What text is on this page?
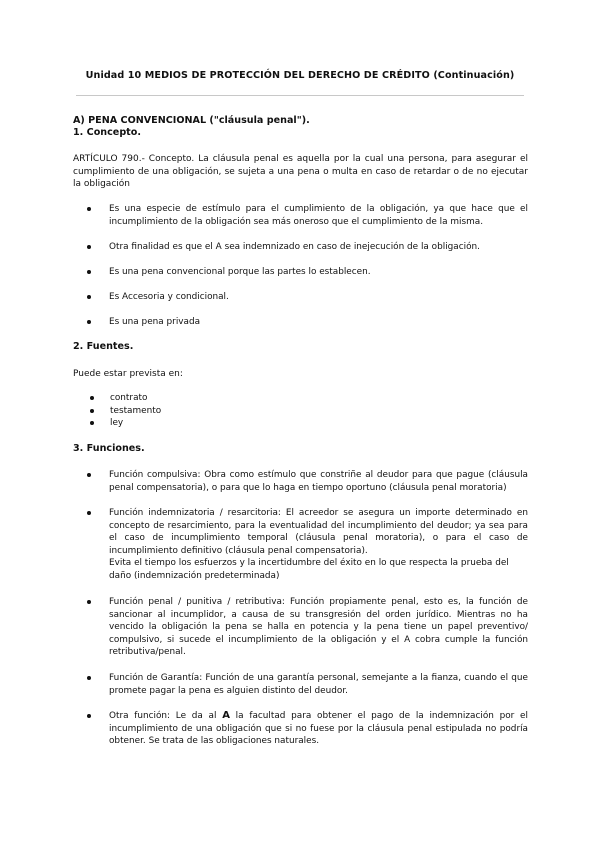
Unidad 10 MEDIOS DE PROTECCIÓN DEL DERECHO DE CRÉDITO (Continuación)
A) PENA CONVENCIONAL ("cláusula penal").
1. Concepto.
ARTÍCULO 790.- Concepto. La cláusula penal es aquella por la cual una persona, para asegurar el cumplimiento de una obligación, se sujeta a una pena o multa en caso de retardar o de no ejecutar la obligación

Es una especie de estímulo para el cumplimiento de la obligación, ya que hace que el incumplimiento de la obligación sea más oneroso que el cumplimiento de la misma.

Otra finalidad es que el A sea indemnizado en caso de inejecución de la obligación.

Es una pena convencional porque las partes lo establecen.

Es Accesoria y condicional.

Es una pena privada

2. Fuentes.
Puede estar prevista en:
contrato
testamento
ley
3. Funciones.

Función compulsiva: Obra como estímulo que constriñe al deudor para que pague (cláusula penal compensatoria), o para que lo haga en tiempo oportuno (cláusula penal moratoria)

Función indemnizatoria / resarcitoria: El acreedor se asegura un importe determinado en concepto de resarcimiento, para la eventualidad del incumplimiento del deudor; ya sea para el caso de incumplimiento temporal (cláusula penal moratoria), o para el caso de incumplimiento definitivo (cláusula penal compensatoria).

Evita el tiempo los esfuerzos y la incertidumbre del éxito en lo que respecta la prueba del daño (indemnización predeterminada)

Función penal / punitiva / retributiva: Función propiamente penal, esto es, la función de sancionar al incumplidor, a causa de su transgresión del orden jurídico. Mientras no ha vencido la obligación la pena se halla en potencia y la pena tiene un papel preventivo/ compulsivo, si sucede el incumplimiento de la obligación y el A cobra cumple la función retributiva/penal.

Función de Garantía: Función de una garantía personal, semejante a la fianza, cuando el que promete pagar la pena es alguien distinto del deudor.

Otra función: Le da al A la facultad para obtener el pago de la indemnización por el incumplimiento de una obligación que si no fuese por la cláusula penal estipulada no podría obtener. Se trata de las obligaciones naturales.
